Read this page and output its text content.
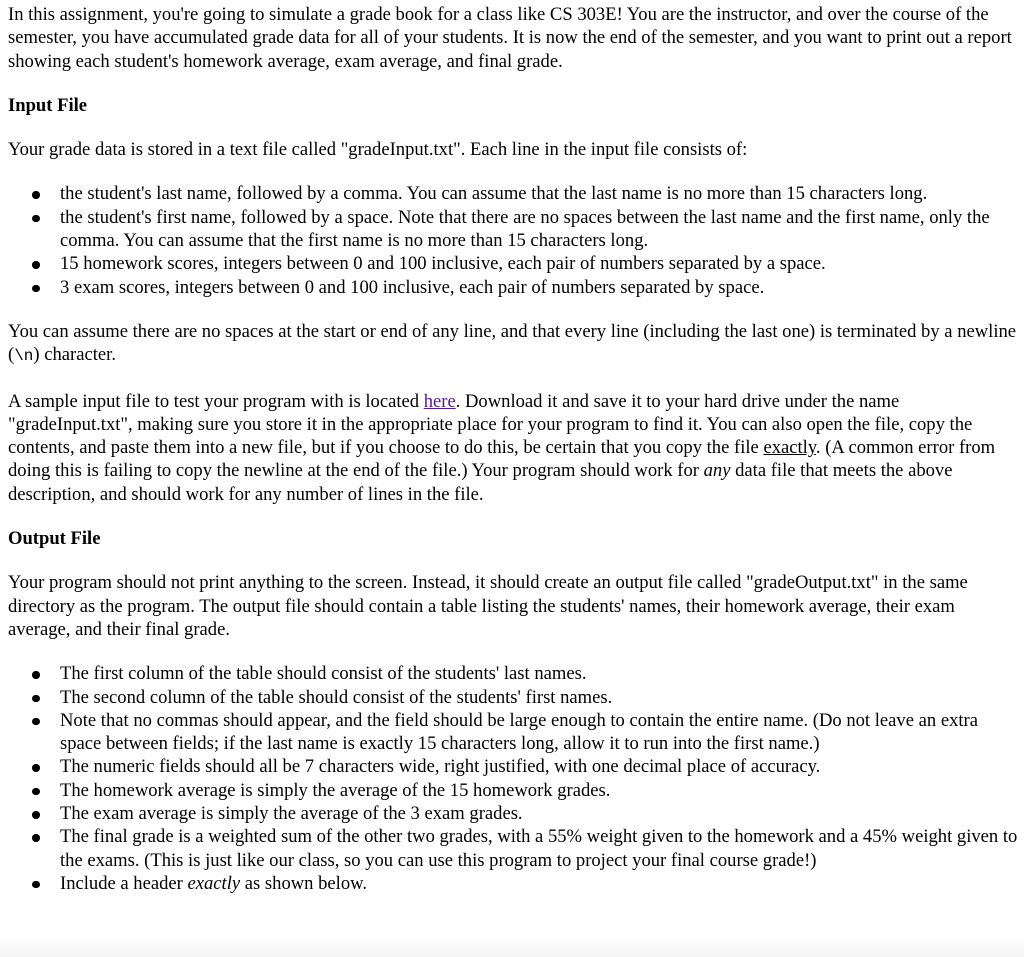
In this assignment, you're going to simulate a grade book for a class like CS 303E! You are the instructor, and over the course of the semester, you have accumulated grade data for all of your students. It is now the end of the semester, and you want to print out a report showing each student's homework average, exam average, and final grade.

Input File

Your grade data is stored in a text file called "gradeInput.txt". Each line in the input file consists of:

the student's last name, followed by a comma. You can assume that the last name is no more than 15 characters long.
the student's first name, followed by a space. Note that there are no spaces between the last name and the first name, only the comma. You can assume that the first name is no more than 15 characters long.
15 homework scores, integers between 0 and 100 inclusive, each pair of numbers separated by a space.
3 exam scores, integers between 0 and 100 inclusive, each pair of numbers separated by space.

You can assume there are no spaces at the start or end of any line, and that every line (including the last one) is terminated by a newline (\n) character.

A sample input file to test your program with is located here. Download it and save it to your hard drive under the name "gradeInput.txt", making sure you store it in the appropriate place for your program to find it. You can also open the file, copy the contents, and paste them into a new file, but if you choose to do this, be certain that you copy the file exactly. (A common error from doing this is failing to copy the newline at the end of the file.) Your program should work for any data file that meets the above description, and should work for any number of lines in the file.

Output File

Your program should not print anything to the screen. Instead, it should create an output file called "gradeOutput.txt" in the same directory as the program. The output file should contain a table listing the students' names, their homework average, their exam average, and their final grade.

The first column of the table should consist of the students' last names.
The second column of the table should consist of the students' first names.
Note that no commas should appear, and the field should be large enough to contain the entire name. (Do not leave an extra space between fields; if the last name is exactly 15 characters long, allow it to run into the first name.)
The numeric fields should all be 7 characters wide, right justified, with one decimal place of accuracy.
The homework average is simply the average of the 15 homework grades.
The exam average is simply the average of the 3 exam grades.
The final grade is a weighted sum of the other two grades, with a 55% weight given to the homework and a 45% weight given to the exams. (This is just like our class, so you can use this program to project your final course grade!)
Include a header exactly as shown below.
